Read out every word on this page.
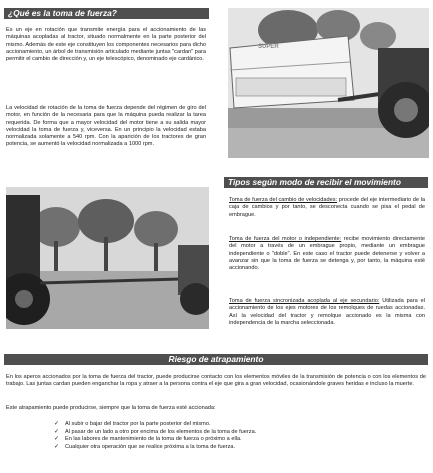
¿Qué es la toma de fuerza?

Es un eje en rotación que transmite energía para el accionamiento de las máquinas acopladas al tractor, situado normalmente en la parte posterior del mismo. Además de este eje constituyen los componentes necesarios para dicho accionamiento, un árbol de transmisión articulado mediante juntas "cardan" para permitir el cambio de dirección y, un eje telescópico, denominado eje cardánico.

La velocidad de rotación de la toma de fuerza depende del régimen de giro del motor, en función de la necesaria para que la máquina pueda realizar la tarea requerida. De forma que a mayor velocidad del motor tiene a su salida mayor velocidad la toma de fuerza y, viceversa. En un principio la velocidad estaba normalizada solamente a 540 rpm. Con la aparición de los tractores de gran potencia, se aumentó la velocidad normalizada a 1000 rpm.

SUPER
Tipos según modo de recibir el movimiento

Toma de fuerza del cambio de velocidades: procede del eje intermediario de la caja de cambios y por tanto, se desconecta cuando se pisa el pedal de embrague.

Toma de fuerza del motor o independiente: recibe movimiento directamente del motor a través de un embrague propio, mediante un embrague independiente o "doble". En este caso el tractor puede detenerse y volver a avanzar sin que la toma de fuerza se detenga y, por tanto, la máquina esté accionando.

Toma de fuerza sincronizada acoplada al eje secundario: Utilizada para el accionamiento de los ejes motores de los remolques de ruedas accionadas. Así la velocidad del tractor y remolque accionado es la misma con independencia de la marcha seleccionada.

Riesgo de atrapamiento

En los aperos accionados por la toma de fuerza del tractor, puede producirse contacto con los elementos móviles de la transmisión de potencia o con los elementos de trabajo. Las juntas cardan pueden enganchar la ropa y atraer a la persona contra el eje que gira a gran velocidad, ocasionándole graves heridas e incluso la muerte.

Este atrapamiento puede producirse, siempre que la toma de fuerza esté accionada:

✓ Al subir o bajar del tractor por la parte posterior del mismo.
✓ Al pasar de un lado a otro por encima de los elementos de la toma de fuerza.
✓ En las labores de mantenimiento de la toma de fuerza o próximo a ella.
✓ Cualquier otra operación que se realice próxima a la toma de fuerza.
